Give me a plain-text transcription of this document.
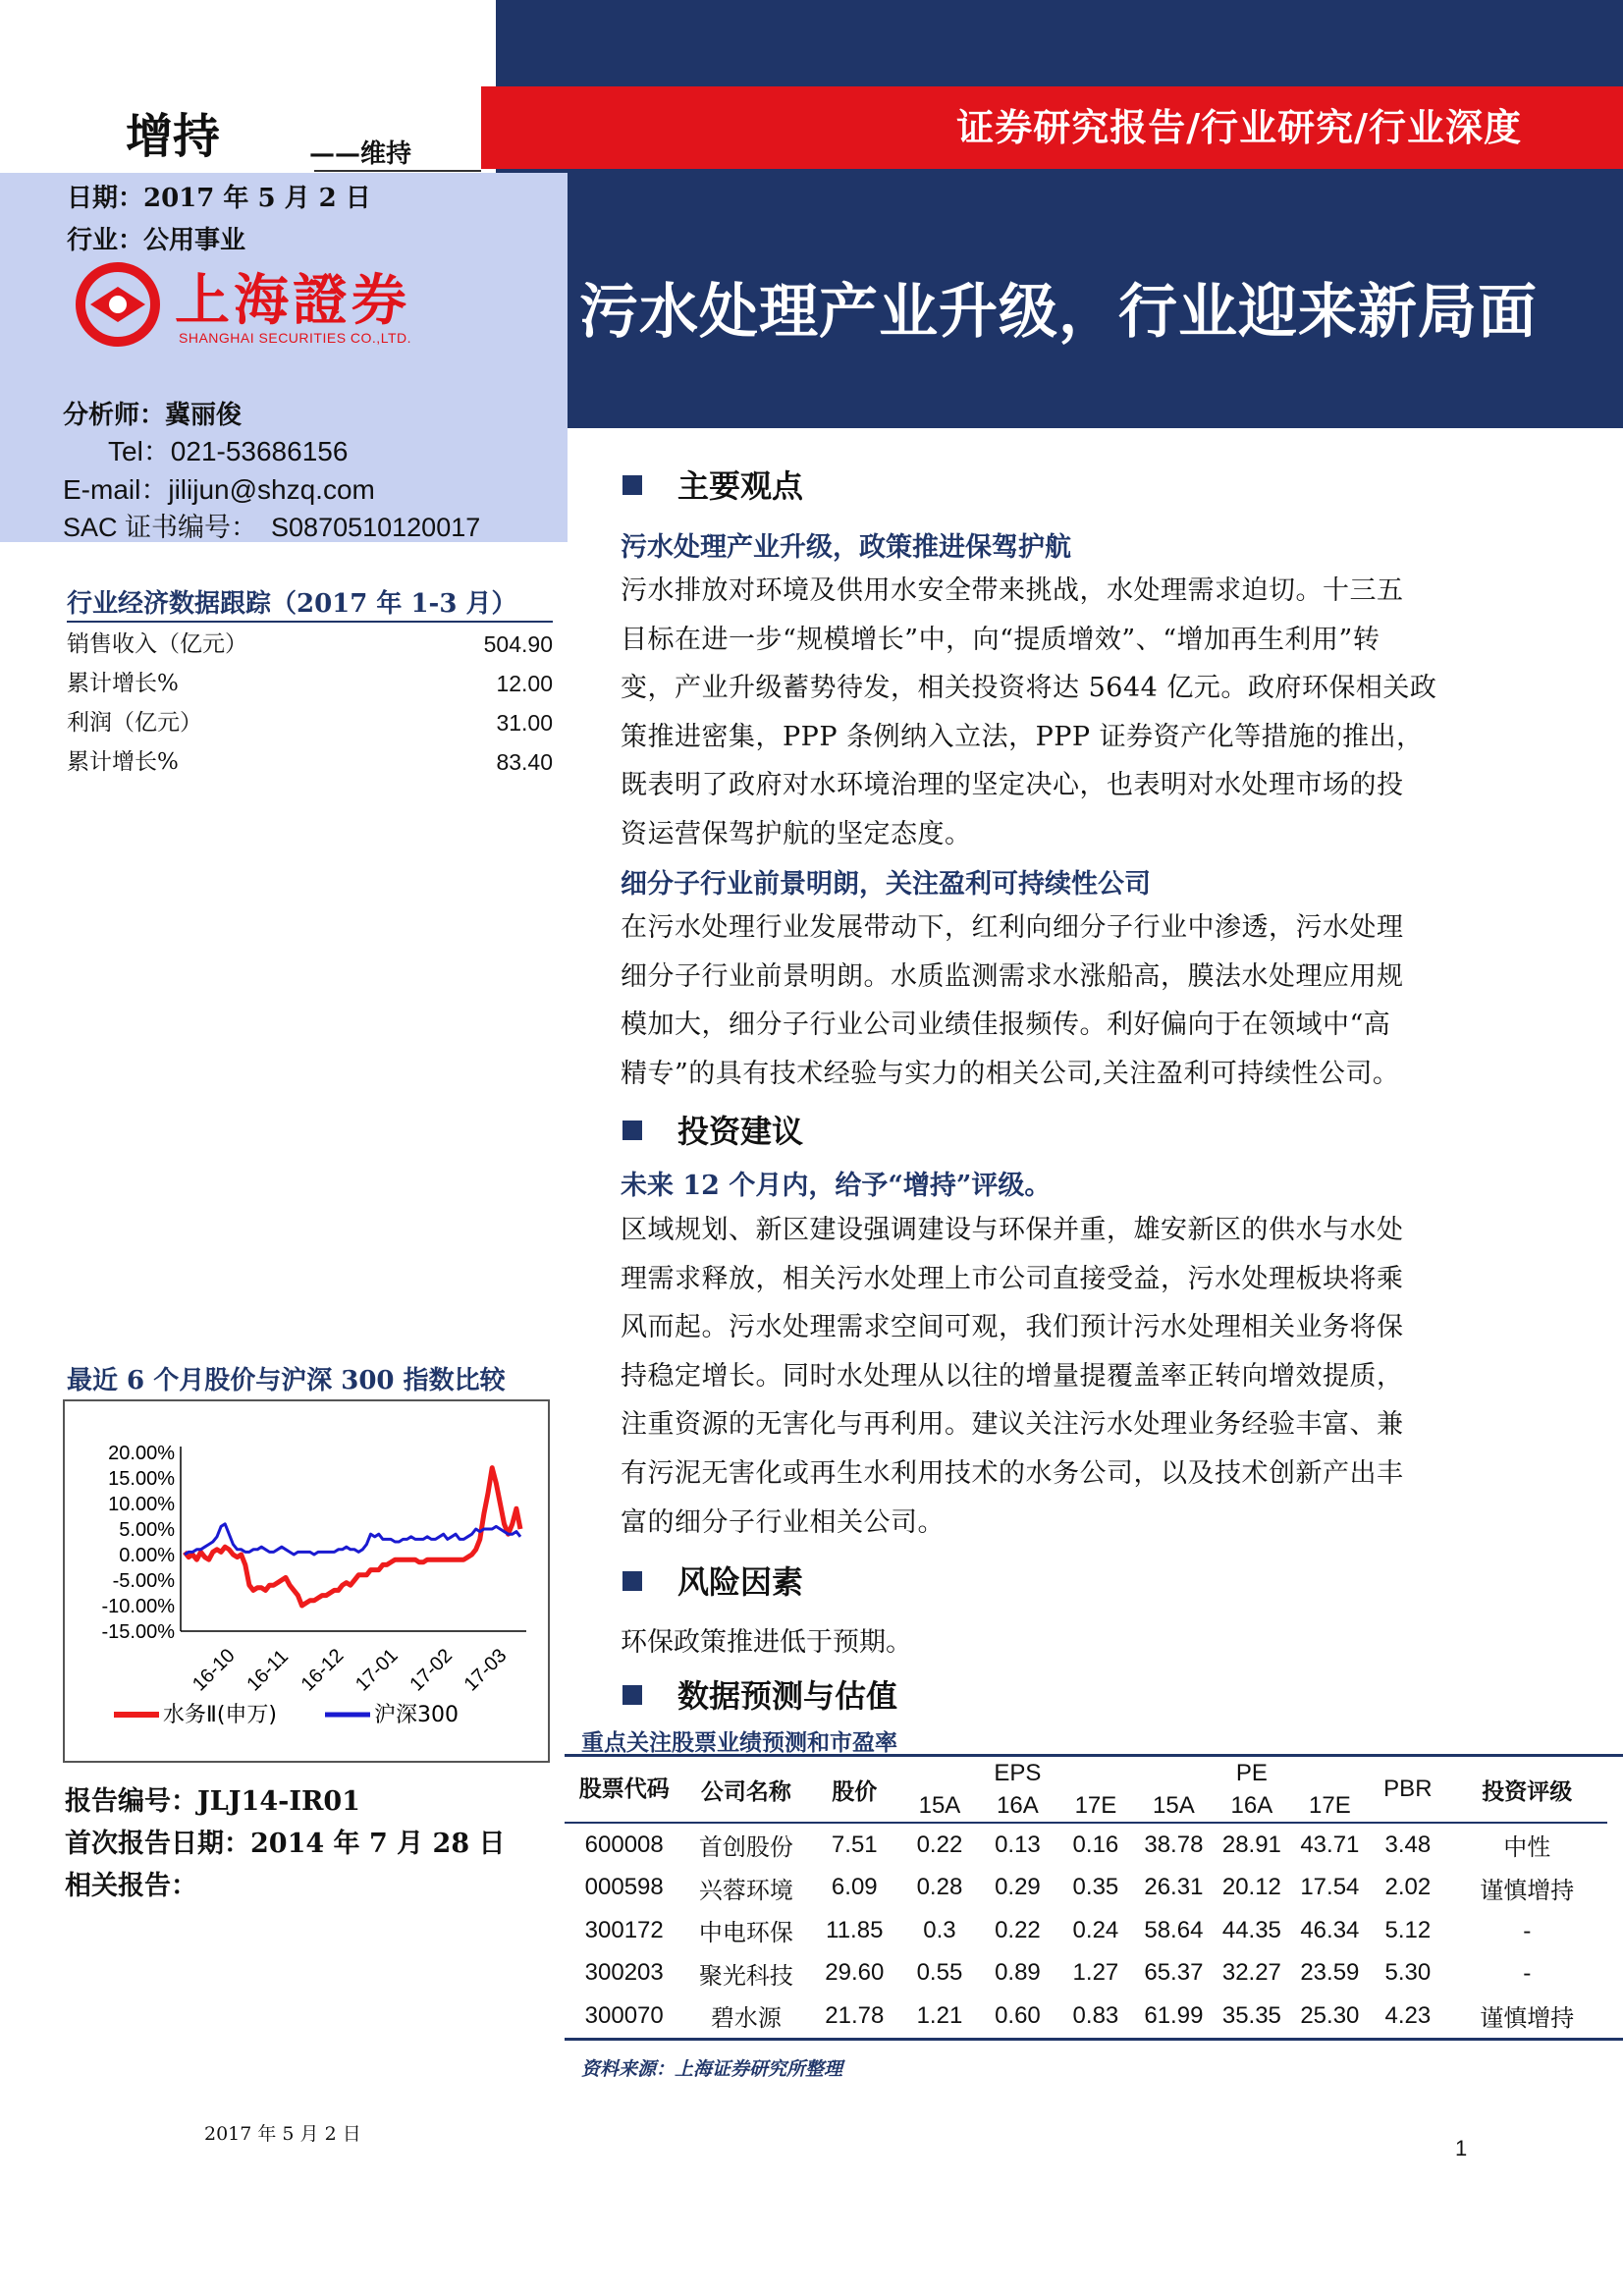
证券研究报告/行业研究/行业深度
污水处理产业升级，行业迎来新局面
增持	——维持
日期：2017 年 5 月 2 日
行业：公用事业
上海證券
SHANGHAI SECURITIES CO.,LTD.
分析师：冀丽俊
Tel：021-53686156
E-mail：jilijun@shzq.com
SAC 证书编号： S0870510120017
行业经济数据跟踪（2017 年 1-3 月）
销售收入（亿元）	504.90
累计增长%	12.00
利润（亿元）	31.00
累计增长%	83.40
最近 6 个月股价与沪深 300 指数比较
20.00%
15.00%
10.00%
5.00%
0.00%
-5.00%
-10.00%
-15.00%
16-10 16-11 16-12 17-01 17-02 17-03
水务Ⅱ(申万)	沪深300
报告编号：JLJ14-IR01
首次报告日期：2014 年 7 月 28 日
相关报告：
主要观点
污水处理产业升级，政策推进保驾护航
污水排放对环境及供用水安全带来挑战，水处理需求迫切。十三五
目标在进一步“规模增长”中，向“提质增效”、“增加再生利用”转
变，产业升级蓄势待发，相关投资将达 5644 亿元。政府环保相关政
策推进密集，PPP 条例纳入立法，PPP 证券资产化等措施的推出，
既表明了政府对水环境治理的坚定决心，也表明对水处理市场的投
资运营保驾护航的坚定态度。
细分子行业前景明朗，关注盈利可持续性公司
在污水处理行业发展带动下，红利向细分子行业中渗透，污水处理
细分子行业前景明朗。水质监测需求水涨船高，膜法水处理应用规
模加大，细分子行业公司业绩佳报频传。利好偏向于在领域中“高
精专”的具有技术经验与实力的相关公司,关注盈利可持续性公司。
投资建议
未来 12 个月内，给予“增持”评级。
区域规划、新区建设强调建设与环保并重，雄安新区的供水与水处
理需求释放，相关污水处理上市公司直接受益，污水处理板块将乘
风而起。污水处理需求空间可观，我们预计污水处理相关业务将保
持稳定增长。同时水处理从以往的增量提覆盖率正转向增效提质，
注重资源的无害化与再利用。建议关注污水处理业务经验丰富、兼
有污泥无害化或再生水利用技术的水务公司，以及技术创新产出丰
富的细分子行业相关公司。
风险因素
环保政策推进低于预期。
数据预测与估值
重点关注股票业绩预测和市盈率
股票代码	公司名称	股价	EPS			PE			PBR	投资评级
			15A	16A	17E	15A	16A	17E		
600008	首创股份	7.51	0.22	0.13	0.16	38.78	28.91	43.71	3.48	中性
000598	兴蓉环境	6.09	0.28	0.29	0.35	26.31	20.12	17.54	2.02	谨慎增持
300172	中电环保	11.85	0.3	0.22	0.24	58.64	44.35	46.34	5.12	-
300203	聚光科技	29.60	0.55	0.89	1.27	65.37	32.27	23.59	5.30	-
300070	碧水源	21.78	1.21	0.60	0.83	61.99	35.35	25.30	4.23	谨慎增持
资料来源：上海证券研究所整理
2017 年 5 月 2 日
1
